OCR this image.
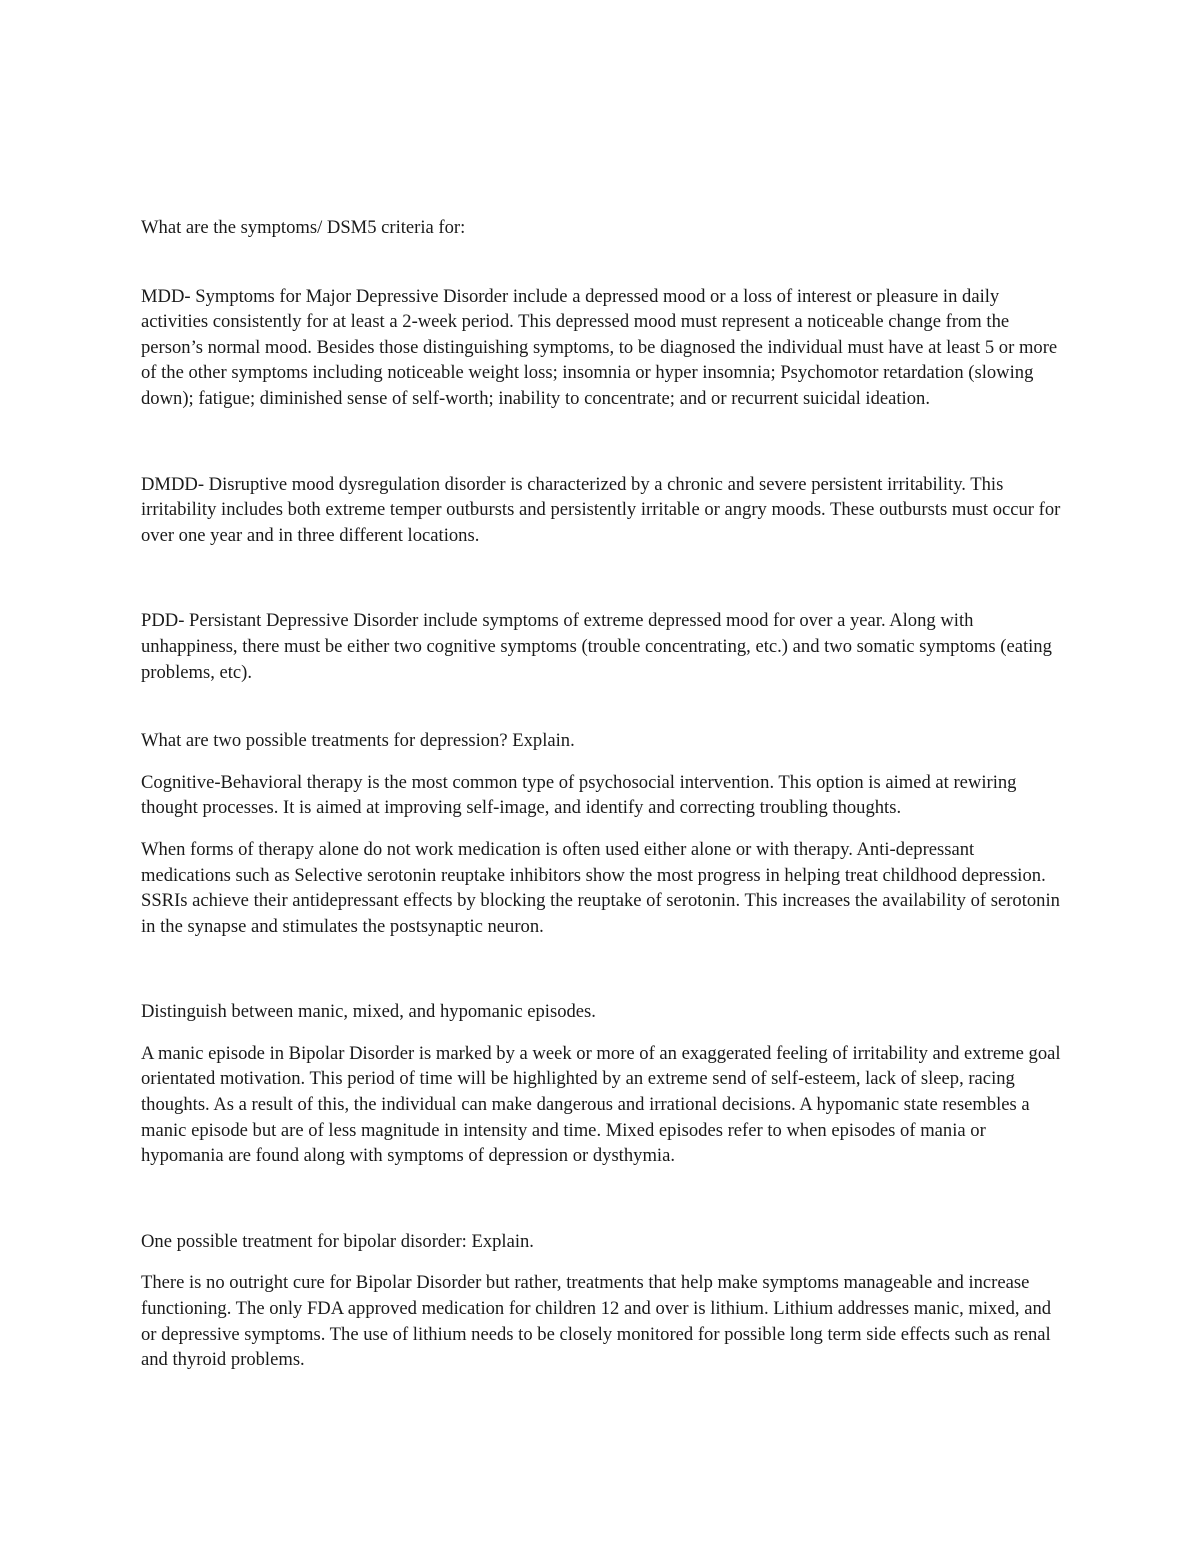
What are the symptoms/ DSM5 criteria for:

MDD- Symptoms for Major Depressive Disorder include a depressed mood or a loss of interest or pleasure in daily activities consistently for at least a 2-week period. This depressed mood must represent a noticeable change from the person’s normal mood. Besides those distinguishing symptoms, to be diagnosed the individual must have at least 5 or more of the other symptoms including noticeable weight loss; insomnia or hyper insomnia; Psychomotor retardation (slowing down); fatigue; diminished sense of self-worth; inability to concentrate; and or recurrent suicidal ideation.

DMDD- Disruptive mood dysregulation disorder is characterized by a chronic and severe persistent irritability. This irritability includes both extreme temper outbursts and persistently irritable or angry moods. These outbursts must occur for over one year and in three different locations.

PDD- Persistant Depressive Disorder include symptoms of extreme depressed mood for over a year. Along with unhappiness, there must be either two cognitive symptoms (trouble concentrating, etc.) and two somatic symptoms (eating problems, etc).

What are two possible treatments for depression? Explain.

Cognitive-Behavioral therapy is the most common type of psychosocial intervention. This option is aimed at rewiring thought processes. It is aimed at improving self-image, and identify and correcting troubling thoughts.

When forms of therapy alone do not work medication is often used either alone or with therapy. Anti-depressant medications such as Selective serotonin reuptake inhibitors show the most progress in helping treat childhood depression. SSRIs achieve their antidepressant effects by blocking the reuptake of serotonin. This increases the availability of serotonin in the synapse and stimulates the postsynaptic neuron.

Distinguish between manic, mixed, and hypomanic episodes.

A manic episode in Bipolar Disorder is marked by a week or more of an exaggerated feeling of irritability and extreme goal orientated motivation. This period of time will be highlighted by an extreme send of self-esteem, lack of sleep, racing thoughts. As a result of this, the individual can make dangerous and irrational decisions. A hypomanic state resembles a manic episode but are of less magnitude in intensity and time. Mixed episodes refer to when episodes of mania or hypomania are found along with symptoms of depression or dysthymia.

One possible treatment for bipolar disorder: Explain.

There is no outright cure for Bipolar Disorder but rather, treatments that help make symptoms manageable and increase functioning. The only FDA approved medication for children 12 and over is lithium. Lithium addresses manic, mixed, and or depressive symptoms. The use of lithium needs to be closely monitored for possible long term side effects such as renal and thyroid problems.
